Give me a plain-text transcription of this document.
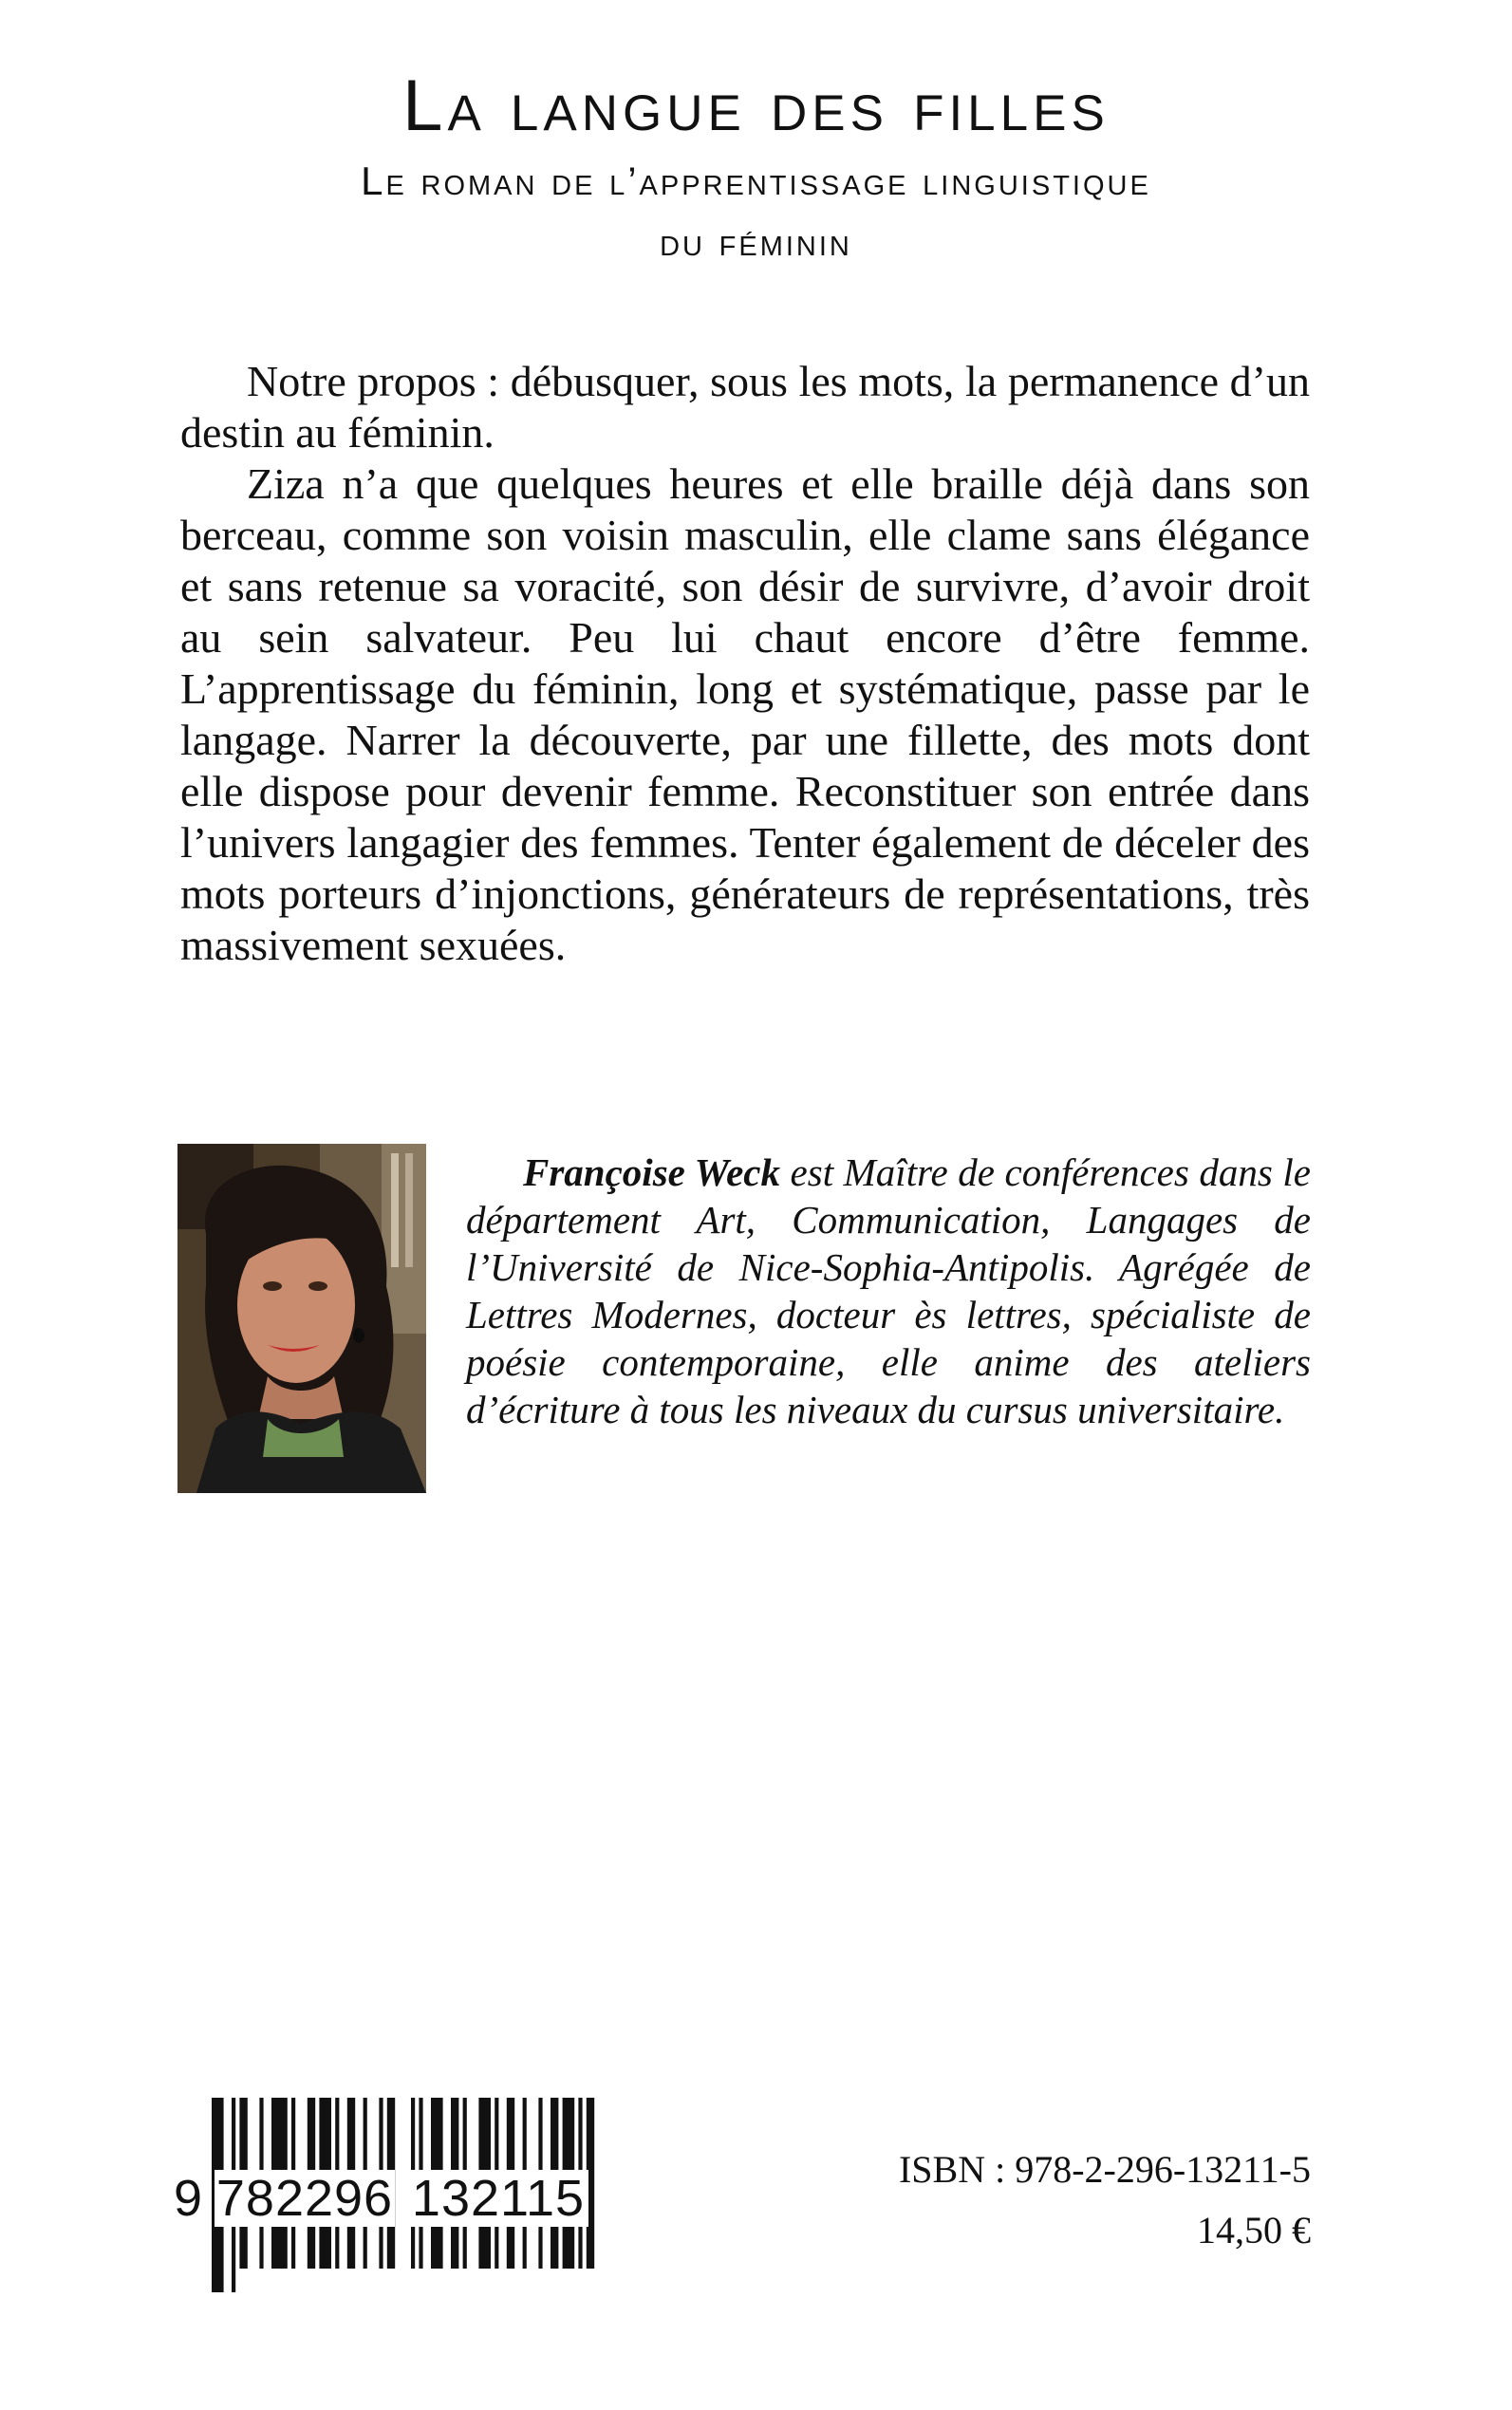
La langue des filles
Le roman de l’apprentissage linguistique
du féminin

Notre propos : débusquer, sous les mots, la permanence d’un destin au féminin.

Ziza n’a que quelques heures et elle braille déjà dans son berceau, comme son voisin masculin, elle clame sans élégance et sans retenue sa voracité, son désir de survivre, d’avoir droit au sein salvateur. Peu lui chaut encore d’être femme. L’apprentissage du féminin, long et systématique, passe par le langage. Narrer la découverte, par une fillette, des mots dont elle dispose pour devenir femme. Reconstituer son entrée dans l’univers langagier des femmes. Tenter également de déceler des mots porteurs d’injonctions, générateurs de représentations, très massivement sexuées.

Françoise Weck est Maître de conférences dans le département Art, Communication, Langages de l’Université de Nice-Sophia-Antipolis. Agrégée de Lettres Modernes, docteur ès lettres, spécialiste de poésie contemporaine, elle anime des ateliers d’écriture à tous les niveaux du cursus universitaire.

9 782296 132115

ISBN : 978-2-296-13211-5

14,50 €
